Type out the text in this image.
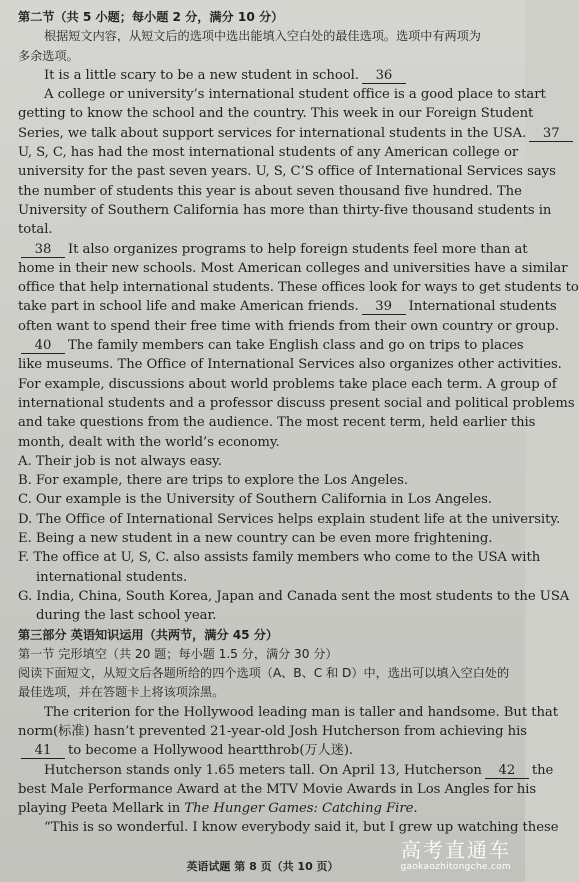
第二节（共 5 小题；每小题 2 分，满分 10 分）
根据短文内容，从短文后的选项中选出能填入空白处的最佳选项。选项中有两项为
多余选项。
It is a little scary to be a new student in school. 36
A college or university’s international student office is a good place to start
getting to know the school and the country. This week in our Foreign Student
Series, we talk about support services for international students in the USA. 37
U, S, C, has had the most international students of any American college or
university for the past seven years. U, S, C’S office of International Services says
the number of students this year is about seven thousand five hundred. The
University of Southern California has more than thirty-five thousand students in
total.
38 It also organizes programs to help foreign students feel more than at
home in their new schools. Most American colleges and universities have a similar
office that help international students. These offices look for ways to get students to
take part in school life and make American friends. 39 International students
often want to spend their free time with friends from their own country or group.
40 The family members can take English class and go on trips to places
like museums. The Office of International Services also organizes other activities.
For example, discussions about world problems take place each term. A group of
international students and a professor discuss present social and political problems
and take questions from the audience. The most recent term, held earlier this
month, dealt with the world’s economy.
A. Their job is not always easy.
B. For example, there are trips to explore the Los Angeles.
C. Our example is the University of Southern California in Los Angeles.
D. The Office of International Services helps explain student life at the university.
E. Being a new student in a new country can be even more frightening.
F. The office at U, S, C. also assists family members who come to the USA with
international students.
G. India, China, South Korea, Japan and Canada sent the most students to the USA
during the last school year.
第三部分 英语知识运用（共两节，满分 45 分）
第一节 完形填空（共 20 题；每小题 1.5 分，满分 30 分）
阅读下面短文，从短文后各题所给的四个选项（A、B、C 和 D）中，选出可以填入空白处的
最佳选项，并在答题卡上将该项涂黑。
The criterion for the Hollywood leading man is taller and handsome. But that
norm(标准) hasn’t prevented 21-year-old Josh Hutcherson from achieving his
41 to become a Hollywood heartthrob(万人迷).
Hutcherson stands only 1.65 meters tall. On April 13, Hutcherson 42 the
best Male Performance Award at the MTV Movie Awards in Los Angles for his
playing Peeta Mellark in The Hunger Games: Catching Fire.
“This is so wonderful. I know everybody said it, but I grew up watching these
英语试题 第 8 页（共 10 页）
高考直通车
gaokaozhitongche.com
